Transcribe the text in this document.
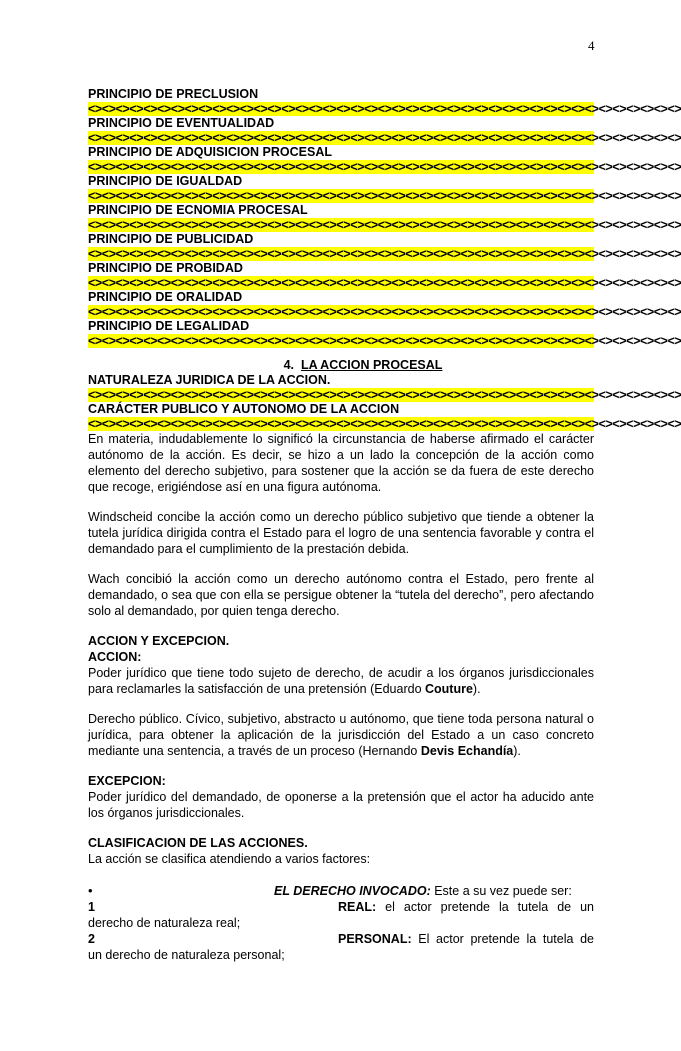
4
PRINCIPIO DE PRECLUSION
<><><><><><><><><><><><><><><><><><><><><><><><><><><><><><><><><><><><><><><><><><><>
PRINCIPIO DE EVENTUALIDAD
<><><><><><><><><><><><><><><><><><><><><><><><><><><><><><><><><><><><><><><><><><><>
PRINCIPIO DE ADQUISICION PROCESAL
<><><><><><><><><><><><><><><><><><><><><><><><><><><><><><><><><><><><><><><><><><><>
PRINCIPIO DE IGUALDAD
<><><><><><><><><><><><><><><><><><><><><><><><><><><><><><><><><><><><><><><><><><><>
PRINCIPIO DE ECNOMIA PROCESAL
<><><><><><><><><><><><><><><><><><><><><><><><><><><><><><><><><><><><><><><><><><><>
PRINCIPIO DE PUBLICIDAD
<><><><><><><><><><><><><><><><><><><><><><><><><><><><><><><><><><><><><><><><><><><>
PRINCIPIO DE PROBIDAD
<><><><><><><><><><><><><><><><><><><><><><><><><><><><><><><><><><><><><><><><><><><>
PRINCIPIO DE ORALIDAD
<><><><><><><><><><><><><><><><><><><><><><><><><><><><><><><><><><><><><><><><><><><>
PRINCIPIO DE LEGALIDAD
<><><><><><><><><><><><><><><><><><><><><><><><><><><><><><><><><><><><><><><><><><><>
4. LA ACCION PROCESAL
NATURALEZA JURIDICA DE LA ACCION.
<><><><><><><><><><><><><><><><><><><><><><><><><><><><><><><><><><><><><><><><><><><>
CARÁCTER PUBLICO Y AUTONOMO DE LA ACCION
<><><><><><><><><><><><><><><><><><><><><><><><><><><><><><><><><><><><><><><><><><><>

En materia, indudablemente lo significó la circunstancia de haberse afirmado el carácter autónomo de la acción. Es decir, se hizo a un lado la concepción de la acción como elemento del derecho subjetivo, para sostener que la acción se da fuera de este derecho que recoge, erigiéndose así en una figura autónoma.

Windscheid concibe la acción como un derecho público subjetivo que tiende a obtener la tutela jurídica dirigida contra el Estado para el logro de una sentencia favorable y contra el demandado para el cumplimiento de la prestación debida.

Wach concibió la acción como un derecho autónomo contra el Estado, pero frente al demandado, o sea que con ella se persigue obtener la “tutela del derecho”, pero afectando solo al demandado, por quien tenga derecho.

ACCION Y EXCEPCION.
ACCION:

Poder jurídico que tiene todo sujeto de derecho, de acudir a los órganos jurisdiccionales para reclamarles la satisfacción de una pretensión (Eduardo Couture).

Derecho público. Cívico, subjetivo, abstracto u autónomo, que tiene toda persona natural o jurídica, para obtener la aplicación de la jurisdicción del Estado a un caso concreto mediante una sentencia, a través de un proceso (Hernando Devis Echandía).

EXCEPCION:

Poder jurídico del demandado, de oponerse a la pretensión que el actor ha aducido ante los órganos jurisdiccionales.

CLASIFICACION DE LAS ACCIONES.

La acción se clasifica atendiendo a varios factores:

•	EL DERECHO INVOCADO: Este a su vez puede ser:
1	REAL: el actor pretende la tutela de un
derecho de naturaleza real;
2	PERSONAL: El actor pretende la tutela de
un derecho de naturaleza personal;
